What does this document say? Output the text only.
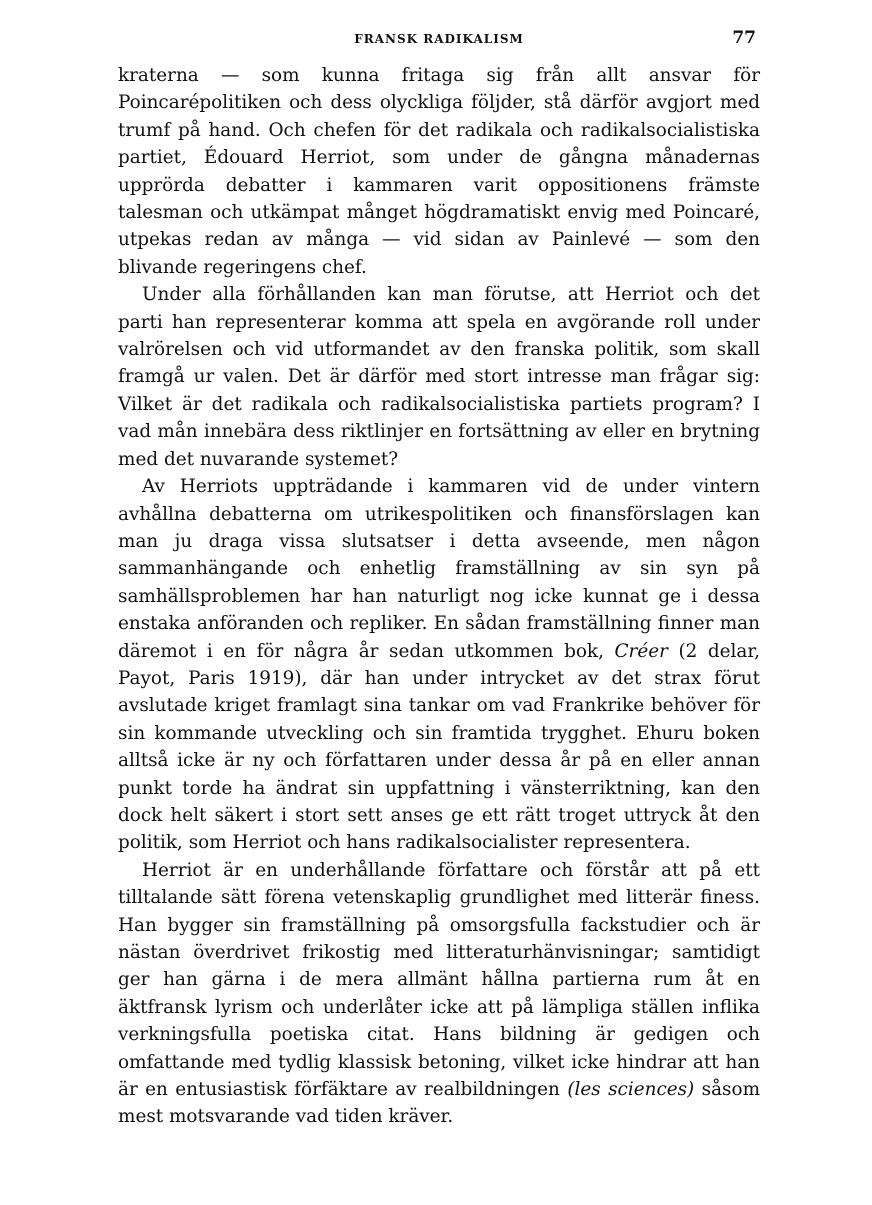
FRANSK RADIKALISM	77

kraterna — som kunna fritaga sig från allt ansvar för Poincarépolitiken och dess olyckliga följder, stå därför avgjort med trumf på hand. Och chefen för det radikala och radikalsocialistiska partiet, Édouard Herriot, som under de gångna månadernas upprörda debatter i kammaren varit oppositionens främste talesman och utkämpat månget högdramatiskt envig med Poincaré, utpekas redan av många — vid sidan av Painlevé — som den blivande regeringens chef.

Under alla förhållanden kan man förutse, att Herriot och det parti han representerar komma att spela en avgörande roll under valrörelsen och vid utformandet av den franska politik, som skall framgå ur valen. Det är därför med stort intresse man frågar sig: Vilket är det radikala och radikalsocialistiska partiets program? I vad mån innebära dess riktlinjer en fortsättning av eller en brytning med det nuvarande systemet?

Av Herriots uppträdande i kammaren vid de under vintern avhållna debatterna om utrikespolitiken och finansförslagen kan man ju draga vissa slutsatser i detta avseende, men någon sammanhängande och enhetlig framställning av sin syn på samhällsproblemen har han naturligt nog icke kunnat ge i dessa enstaka anföranden och repliker. En sådan framställning finner man däremot i en för några år sedan utkommen bok, Créer (2 delar, Payot, Paris 1919), där han under intrycket av det strax förut avslutade kriget framlagt sina tankar om vad Frankrike behöver för sin kommande utveckling och sin framtida trygghet. Ehuru boken alltså icke är ny och författaren under dessa år på en eller annan punkt torde ha ändrat sin uppfattning i vänsterriktning, kan den dock helt säkert i stort sett anses ge ett rätt troget uttryck åt den politik, som Herriot och hans radikalsocialister representera.

Herriot är en underhållande författare och förstår att på ett tilltalande sätt förena vetenskaplig grundlighet med litterär finess. Han bygger sin framställning på omsorgsfulla fackstudier och är nästan överdrivet frikostig med litteraturhänvisningar; samtidigt ger han gärna i de mera allmänt hållna partierna rum åt en äktfransk lyrism och underlåter icke att på lämpliga ställen inflika verkningsfulla poetiska citat. Hans bildning är gedigen och omfattande med tydlig klassisk betoning, vilket icke hindrar att han är en entusiastisk förfäktare av realbildningen (les sciences) såsom mest motsvarande vad tiden kräver.
